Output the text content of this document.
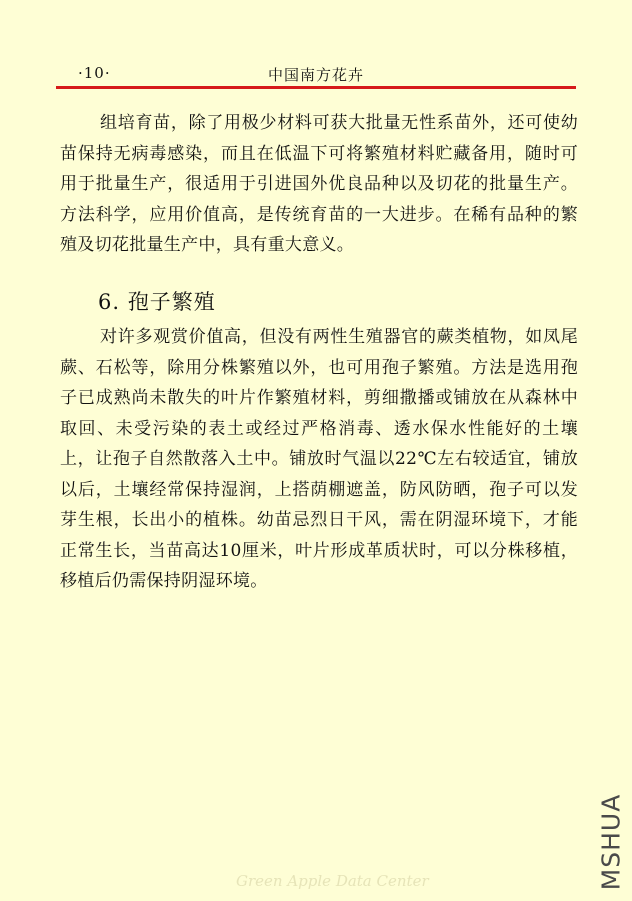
·10·	中国南方花卉

组培育苗，除了用极少材料可获大批量无性系苗外，还可使幼苗保持无病毒感染，而且在低温下可将繁殖材料贮藏备用，随时可用于批量生产，很适用于引进国外优良品种以及切花的批量生产。方法科学，应用价值高，是传统育苗的一大进步。在稀有品种的繁殖及切花批量生产中，具有重大意义。

6. 孢子繁殖

对许多观赏价值高，但没有两性生殖器官的蕨类植物，如凤尾蕨、石松等，除用分株繁殖以外，也可用孢子繁殖。方法是选用孢子已成熟尚未散失的叶片作繁殖材料，剪细撒播或铺放在从森林中取回、未受污染的表土或经过严格消毒、透水保水性能好的土壤上，让孢子自然散落入土中。铺放时气温以22℃左右较适宜，铺放以后，土壤经常保持湿润，上搭荫棚遮盖，防风防晒，孢子可以发芽生根，长出小的植株。幼苗忌烈日干风，需在阴湿环境下，才能正常生长，当苗高达10厘米，叶片形成革质状时，可以分株移植，移植后仍需保持阴湿环境。

Green Apple Data Center	MSHUA
